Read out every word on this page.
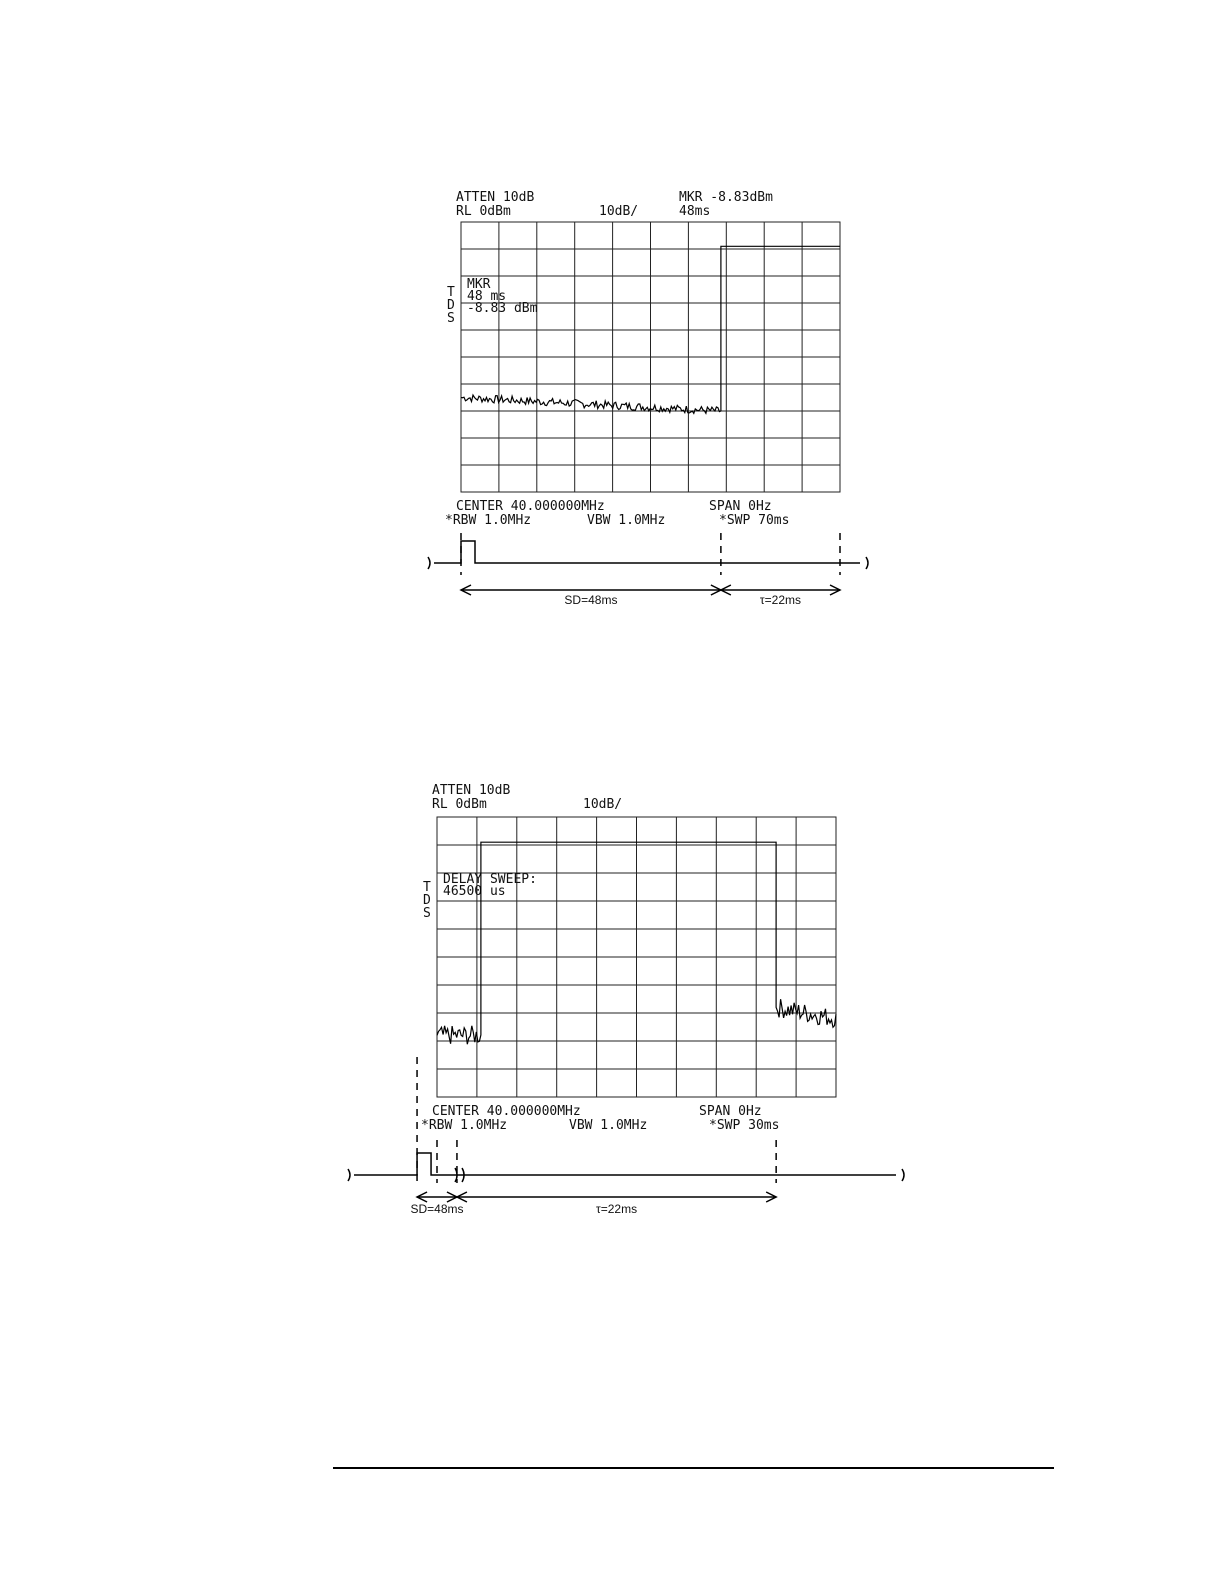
ATTEN 10dB
RL 0dBm	10dB/
MKR -8.83dBm
48ms
T
D
S
MKR
48 ms
-8.83 dBm
CENTER 40.000000MHz	SPAN 0Hz
*RBW 1.0MHz	VBW 1.0MHz	*SWP 70ms
SD=48ms	τ=22ms
ATTEN 10dB
RL 0dBm	10dB/
T
D
S
DELAY SWEEP:
46500 us
CENTER 40.000000MHz	SPAN 0Hz
*RBW 1.0MHz	VBW 1.0MHz	*SWP 30ms
SD=48ms	τ=22ms
